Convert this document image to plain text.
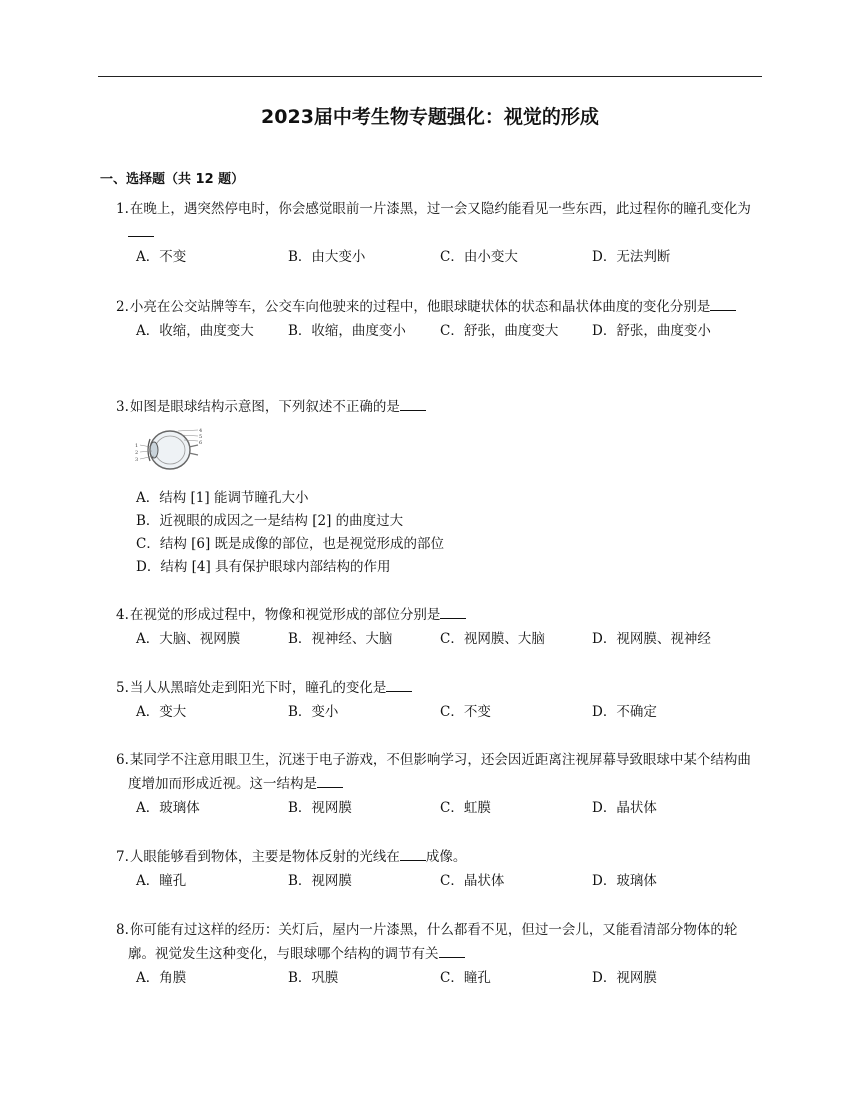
2023届中考生物专题强化：视觉的形成
一、选择题（共 12 题）

1.在晚上，遇突然停电时，你会感觉眼前一片漆黑，过一会又隐约能看见一些东西，此过程你的瞳孔变化为

A．不变	B．由大变小	C．由小变大	D．无法判断

2.小亮在公交站牌等车，公交车向他驶来的过程中，他眼球睫状体的状态和晶状体曲度的变化分别是

A．收缩，曲度变大	B．收缩，曲度变小	C．舒张，曲度变大	D．舒张，曲度变小

3.如图是眼球结构示意图，下列叙述不正确的是

1
2
3
4
5
6
A．结构 [1] 能调节瞳孔大小
B．近视眼的成因之一是结构 [2] 的曲度过大
C．结构 [6] 既是成像的部位，也是视觉形成的部位
D．结构 [4] 具有保护眼球内部结构的作用

4.在视觉的形成过程中，物像和视觉形成的部位分别是

A．大脑、视网膜	B．视神经、大脑	C．视网膜、大脑	D．视网膜、视神经

5.当人从黑暗处走到阳光下时，瞳孔的变化是

A．变大	B．变小	C．不变	D．不确定

6.某同学不注意用眼卫生，沉迷于电子游戏，不但影响学习，还会因近距离注视屏幕导致眼球中某个结构曲度增加而形成近视。这一结构是

A．玻璃体	B．视网膜	C．虹膜	D．晶状体

7.人眼能够看到物体，主要是物体反射的光线在 成像。

A．瞳孔	B．视网膜	C．晶状体	D．玻璃体

8.你可能有过这样的经历：关灯后，屋内一片漆黑，什么都看不见，但过一会儿，又能看清部分物体的轮廓。视觉发生这种变化，与眼球哪个结构的调节有关

A．角膜	B．巩膜	C．瞳孔	D．视网膜
